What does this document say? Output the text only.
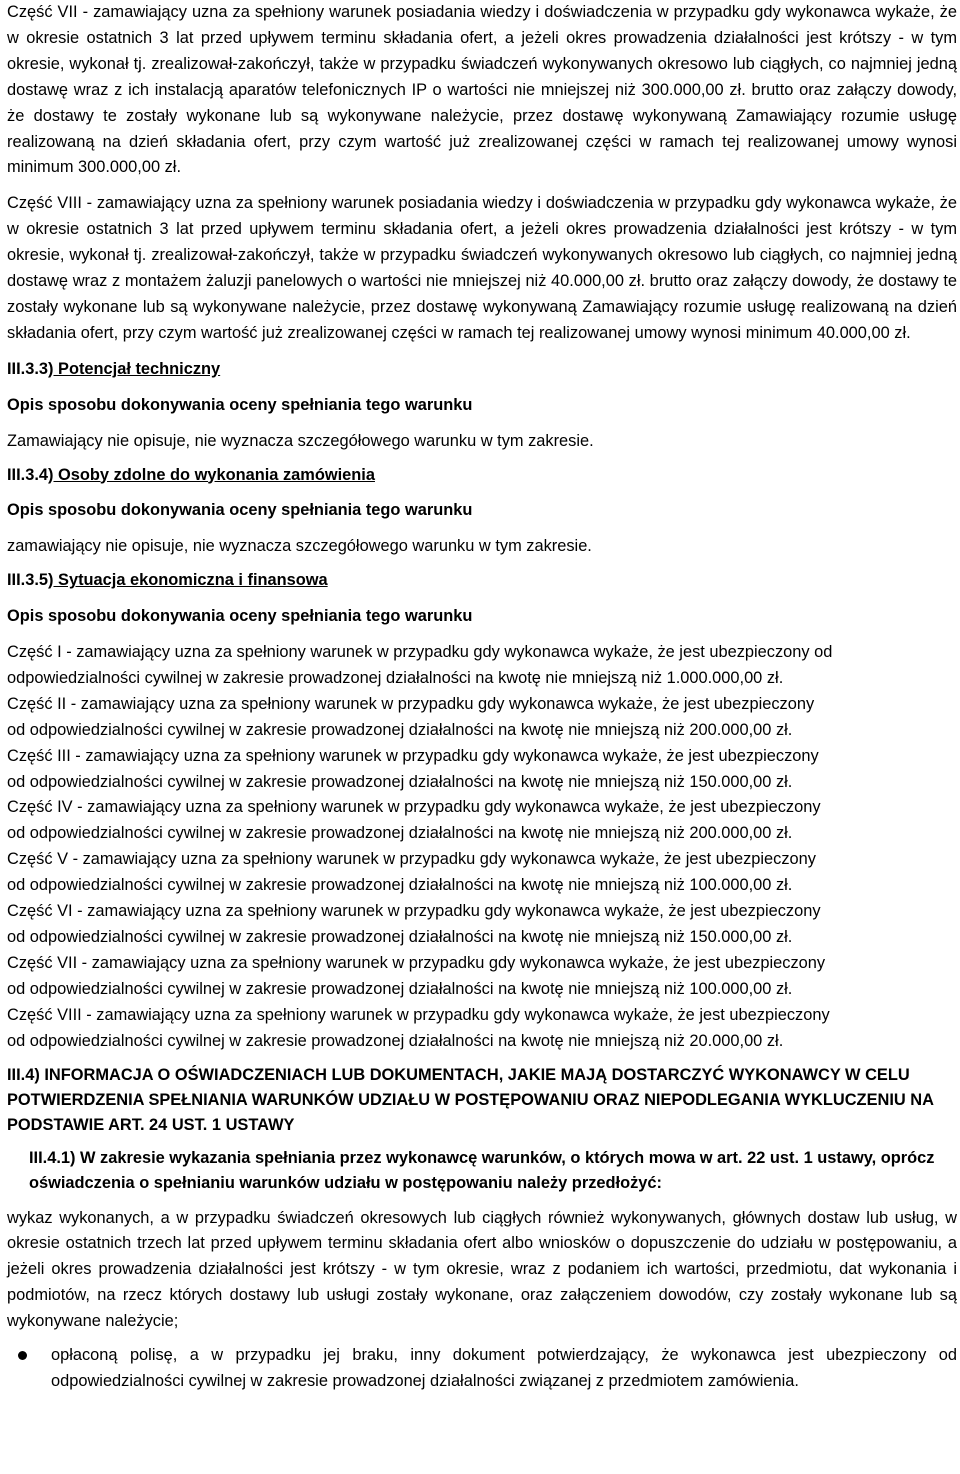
Część VII - zamawiający uzna za spełniony warunek posiadania wiedzy i doświadczenia w przypadku gdy wykonawca wykaże, że w okresie ostatnich 3 lat przed upływem terminu składania ofert, a jeżeli okres prowadzenia działalności jest krótszy - w tym okresie, wykonał tj. zrealizował-zakończył, także w przypadku świadczeń wykonywanych okresowo lub ciągłych, co najmniej jedną dostawę wraz z ich instalacją aparatów telefonicznych IP o wartości nie mniejszej niż 300.000,00 zł. brutto oraz załączy dowody, że dostawy te zostały wykonane lub są wykonywane należycie, przez dostawę wykonywaną Zamawiający rozumie usługę realizowaną na dzień składania ofert, przy czym wartość już zrealizowanej części w ramach tej realizowanej umowy wynosi minimum 300.000,00 zł.

Część VIII - zamawiający uzna za spełniony warunek posiadania wiedzy i doświadczenia w przypadku gdy wykonawca wykaże, że w okresie ostatnich 3 lat przed upływem terminu składania ofert, a jeżeli okres prowadzenia działalności jest krótszy - w tym okresie, wykonał tj. zrealizował-zakończył, także w przypadku świadczeń wykonywanych okresowo lub ciągłych, co najmniej jedną dostawę wraz z montażem żaluzji panelowych o wartości nie mniejszej niż 40.000,00 zł. brutto oraz załączy dowody, że dostawy te zostały wykonane lub są wykonywane należycie, przez dostawę wykonywaną Zamawiający rozumie usługę realizowaną na dzień składania ofert, przy czym wartość już zrealizowanej części w ramach tej realizowanej umowy wynosi minimum 40.000,00 zł.

III.3.3) Potencjał techniczny

Opis sposobu dokonywania oceny spełniania tego warunku

Zamawiający nie opisuje, nie wyznacza szczegółowego warunku w tym zakresie.

III.3.4) Osoby zdolne do wykonania zamówienia

Opis sposobu dokonywania oceny spełniania tego warunku

zamawiający nie opisuje, nie wyznacza szczegółowego warunku w tym zakresie.

III.3.5) Sytuacja ekonomiczna i finansowa

Opis sposobu dokonywania oceny spełniania tego warunku

Część I - zamawiający uzna za spełniony warunek w przypadku gdy wykonawca wykaże, że jest ubezpieczony od

odpowiedzialności cywilnej w zakresie prowadzonej działalności na kwotę nie mniejszą niż 1.000.000,00 zł.

Część II - zamawiający uzna za spełniony warunek w przypadku gdy wykonawca wykaże, że jest ubezpieczony

od odpowiedzialności cywilnej w zakresie prowadzonej działalności na kwotę nie mniejszą niż 200.000,00 zł.

Część III - zamawiający uzna za spełniony warunek w przypadku gdy wykonawca wykaże, że jest ubezpieczony

od odpowiedzialności cywilnej w zakresie prowadzonej działalności na kwotę nie mniejszą niż 150.000,00 zł.

Część IV - zamawiający uzna za spełniony warunek w przypadku gdy wykonawca wykaże, że jest ubezpieczony

od odpowiedzialności cywilnej w zakresie prowadzonej działalności na kwotę nie mniejszą niż 200.000,00 zł.

Część V - zamawiający uzna za spełniony warunek w przypadku gdy wykonawca wykaże, że jest ubezpieczony

od odpowiedzialności cywilnej w zakresie prowadzonej działalności na kwotę nie mniejszą niż 100.000,00 zł.

Część VI - zamawiający uzna za spełniony warunek w przypadku gdy wykonawca wykaże, że jest ubezpieczony

od odpowiedzialności cywilnej w zakresie prowadzonej działalności na kwotę nie mniejszą niż 150.000,00 zł.

Część VII - zamawiający uzna za spełniony warunek w przypadku gdy wykonawca wykaże, że jest ubezpieczony

od odpowiedzialności cywilnej w zakresie prowadzonej działalności na kwotę nie mniejszą niż 100.000,00 zł.

Część VIII - zamawiający uzna za spełniony warunek w przypadku gdy wykonawca wykaże, że jest ubezpieczony

od odpowiedzialności cywilnej w zakresie prowadzonej działalności na kwotę nie mniejszą niż 20.000,00 zł.

III.4) INFORMACJA O OŚWIADCZENIACH LUB DOKUMENTACH, JAKIE MAJĄ DOSTARCZYĆ WYKONAWCY W CELU POTWIERDZENIA SPEŁNIANIA WARUNKÓW UDZIAŁU W POSTĘPOWANIU ORAZ NIEPODLEGANIA WYKLUCZENIU NA PODSTAWIE ART. 24 UST. 1 USTAWY

III.4.1) W zakresie wykazania spełniania przez wykonawcę warunków, o których mowa w art. 22 ust. 1 ustawy, oprócz oświadczenia o spełnianiu warunków udziału w postępowaniu należy przedłożyć:

wykaz wykonanych, a w przypadku świadczeń okresowych lub ciągłych również wykonywanych, głównych dostaw lub usług, w okresie ostatnich trzech lat przed upływem terminu składania ofert albo wniosków o dopuszczenie do udziału w postępowaniu, a jeżeli okres prowadzenia działalności jest krótszy - w tym okresie, wraz z podaniem ich wartości, przedmiotu, dat wykonania i podmiotów, na rzecz których dostawy lub usługi zostały wykonane, oraz załączeniem dowodów, czy zostały wykonane lub są wykonywane należycie;

opłaconą polisę, a w przypadku jej braku, inny dokument potwierdzający, że wykonawca jest ubezpieczony od odpowiedzialności cywilnej w zakresie prowadzonej działalności związanej z przedmiotem zamówienia.
